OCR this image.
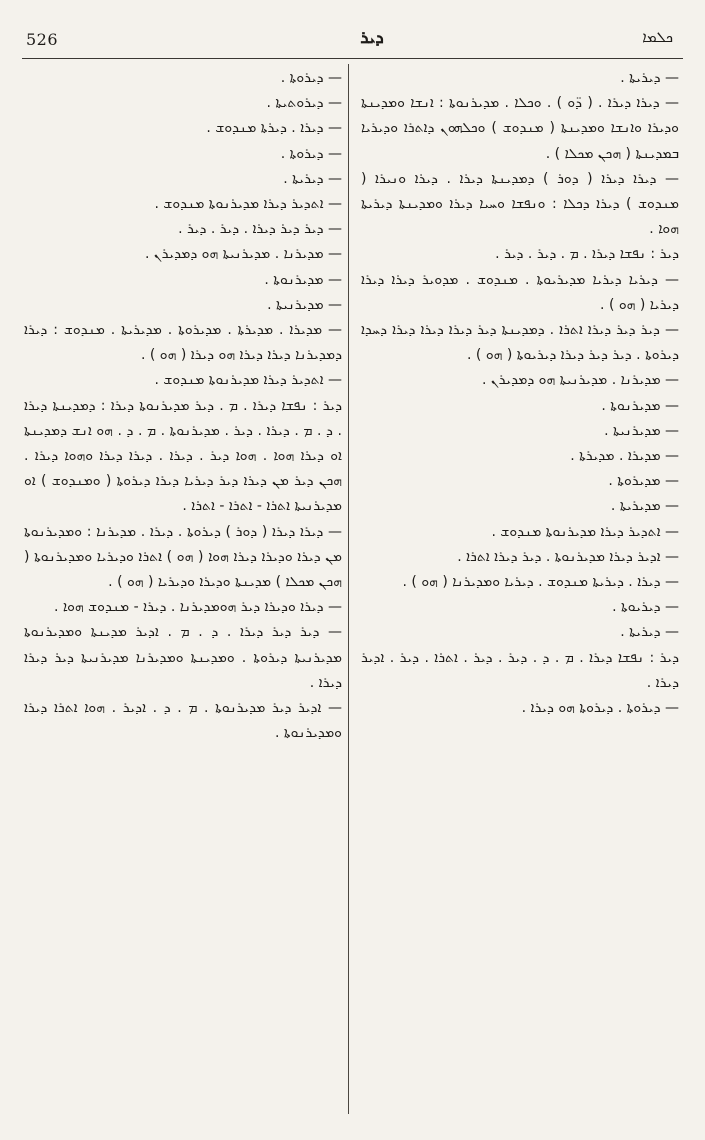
526	ܕܝܪ	ܟܠܡܐ

— ܕܝܪܝܬܐ .

— ܕܝܪܐ ܕܝܪܐ . ( ܕ̈ܘ ) . ܘܟܠܐ . ܡܕܝܪܢܘܬܐ : ܐܢܫܐ ܘܡܕܝܢܬܐ ܘܕܝܪܐ ܘܐܢܫܐ ܘܡܕܝܢܬܐ ( ܡܢܕܘܫ ) ܘܟܠܗܘܢ ܕܐܬܪܐ ܘܕܝܪܝܐ ܒܡܕܝܢܬܐ ( ܗܟܢ ܡܟܠܐ ) .

— ܕܝܪܐ ܕܝܪܐ ( ܕܘܪ ) ܕܡܕܝܢܬܐ ܕܝܪܐ . ܕܝܪܐ ܘܢܝܪܐ ( ܡܢܕܘܫ ) ܕܝܪܐ ܕܟܠܐ : ܘܢܦܫܐ ܘܚܝܐ ܕܝܪܐ ܘܡܕܝܢܬܐ ܕܝܪܝܬܐ ܗܘܐ .

ܕܝܪ : ܢܦܫܐ ܕܝܪܐ . ܡ . ܕܝܪ . ܕܝܪ .

— ܕܝܪܝܐ ܕܝܪܝܐ ܡܕܝܪܝܘܬܐ . ܡܢܕܘܫ . ܡܕܘܝܪ ܕܝܪܐ ܕܝܪܐ ܕܝܪܝܐ ( ܗܘ ) .

— ܕܝܪ ܕܝܪ ܕܝܪܐ ܐܬܪܐ . ܕܡܕܝܢܬܐ ܕܝܪ ܕܝܪܐ ܕܝܪܐ ܕܝܪܐ ܕܚܕܐ ܕܝܪܘܬܐ . ܕܝܪ ܕܝܪ ܕܝܪܐ ܕܝܪܝܘܬܐ ( ܗܘ ) .

— ܡܕܝܪܢܐ . ܡܕܝܪܢܝܬܐ ܗܘ ܕܡܕܝܪܢ .

— ܡܕܝܪܢܘܬܐ .

— ܡܕܝܪܢܝܬܐ .

— ܡܕܝܪܐ . ܡܕܝܪܬܐ .

— ܡܕܝܪܘܬܐ .

— ܡܕܝܪܝܬܐ .

— ܐܬܕܝܪ ܕܝܪܐ ܡܕܝܪܢܘܬܐ ܡܢܕܘܫ .

— ܐܕܝܪ ܕܝܪܐ ܡܕܝܪܢܘܬܐ . ܕܝܪ ܕܝܪܐ ܐܬܪܐ .

— ܕܝܪܐ . ܕܝܪܝܬܐ ܡܢܕܘܫ . ܕܝܪܝܐ ܘܡܕܝܪܢܐ ( ܗܘ ) .

— ܕܝܪܝܘܬܐ .

— ܕܝܪܝܬܐ .

ܕܝܪ : ܢܦܫܐ ܕܝܪܐ . ܡ . ܕ . ܕܝܪ . ܕܝܪ . ܐܬܪܐ . ܕܝܪ . ܐܕܝܪ ܕܝܪܐ .

— ܕܝܪܘܬܐ . ܕܝܪܘܬܐ ܗܘ ܕܝܪܐ .

— ܕܝܪܘܬܐ .

— ܕܝܪܘܬܝܬܐ .

— ܕܝܪܐ . ܕܝܪܬܐ ܡܢܕܘܫ .

— ܕܝܪܘܬܐ .

— ܕܝܪܝܬܐ .

— ܐܬܕܝܪ ܕܝܪܐ ܡܕܝܪܢܘܬܐ ܡܢܕܘܫ .

— ܕܝܪ ܕܝܪ ܕܝܪܐ . ܕܝܪ . ܕܝܪ .

— ܡܕܝܪܢܐ . ܡܕܝܪܢܝܬܐ ܗܘ ܕܡܕܝܪܢ .

— ܡܕܝܪܢܘܬܐ .

— ܡܕܝܪܢܝܬܐ .

— ܡܕܝܪܐ . ܡܕܝܪܬܐ . ܡܕܝܪܘܬܐ . ܡܕܝܪܝܬܐ . ܡܢܕܘܫ : ܕܝܪܐ ܕܡܕܝܪܢܐ ܕܝܪܐ ܕܝܪܐ ܗܘ ܕܝܪܐ ( ܗܘ ) .

— ܐܬܕܝܪ ܕܝܪܐ ܡܕܝܪܢܘܬܐ ܡܢܕܘܫ .

ܕܝܪ : ܢܦܫܐ ܕܝܪܐ . ܡ . ܕܝܪ ܡܕܝܪܢܘܬܐ ܕܝܪܐ : ܕܡܕܝܢܬܐ ܕܝܪܐ . ܕ . ܡ . ܕܝܪܐ . ܕܝܪ . ܡܕܝܪܢܘܬܐ . ܡ . ܕ . ܗܘ ܐܢܫ ܕܡܕܝܢܬܐ ܐܘ ܕܝܪܐ ܗܘܐ . ܗܘܐ ܕܝܪ . ܕܝܪܐ . ܕܝܪܐ ܕܝܪܐ ܘܗܘܐ ܕܝܪܐ . ܗܟܢ ܕܝܪ ܡܢ ܕܝܪܐ ܕܝܪ ܕܝܪܝܐ ܕܝܪܐ ܕܝܪܘܬܐ ( ܘܡܢܕܘܫ ) ܐܘ ܡܕܝܪܢܝܬܐ ܐܬܪܐ - ܐܬܪܐ - ܐܬܪܐ .

— ܕܝܪܐ ܕܝܪܐ ( ܕܘܪ ) ܕܝܪܘܬܐ . ܕܝܪܐ . ܡܕܝܪܢܐ : ܘܡܕܝܪܢܘܬܐ ܡܢ ܕܝܪܐ ܘܕܝܪܐ ܕܝܪܐ ܗܘܐ ( ܗܘ ) ܐܬܪܐ ܘܕܝܪܝܐ ܘܡܕܝܪܢܘܬܐ ( ܗܟܢ ܡܟܠܐ ) ܡܕܝܢܬܐ ܘܕܝܪܐ ܘܕܝܪܝܐ ( ܗܘ ) .

— ܕܝܪܐ ܘܕܝܪܐ ܕܝܪ ܗܘܡܕܝܪܢܐ . ܕܝܪܐ - ܡܢܕܘܫ ܗܘܐ .

— ܕܝܪ ܕܝܪ ܕܝܪܐ . ܕ . ܡ . ܐܕܝܪ ܡܕܝܢܬܐ ܘܡܕܝܪܢܘܬܐ ܡܕܝܪܢܝܬܐ ܕܝܪܘܬܐ . ܘܡܕܝܢܬܐ ܘܡܕܝܪܢܐ ܡܕܝܪܢܝܬܐ ܕܝܪ ܕܝܪܐ ܕܝܪܐ .

— ܐܕܝܪ ܕܝܪ ܡܕܝܪܢܘܬܐ . ܡ . ܕ . ܐܕܝܪ . ܗܘܐ ܐܬܪܐ ܕܝܪܐ ܘܡܕܝܪܢܘܬܐ .
